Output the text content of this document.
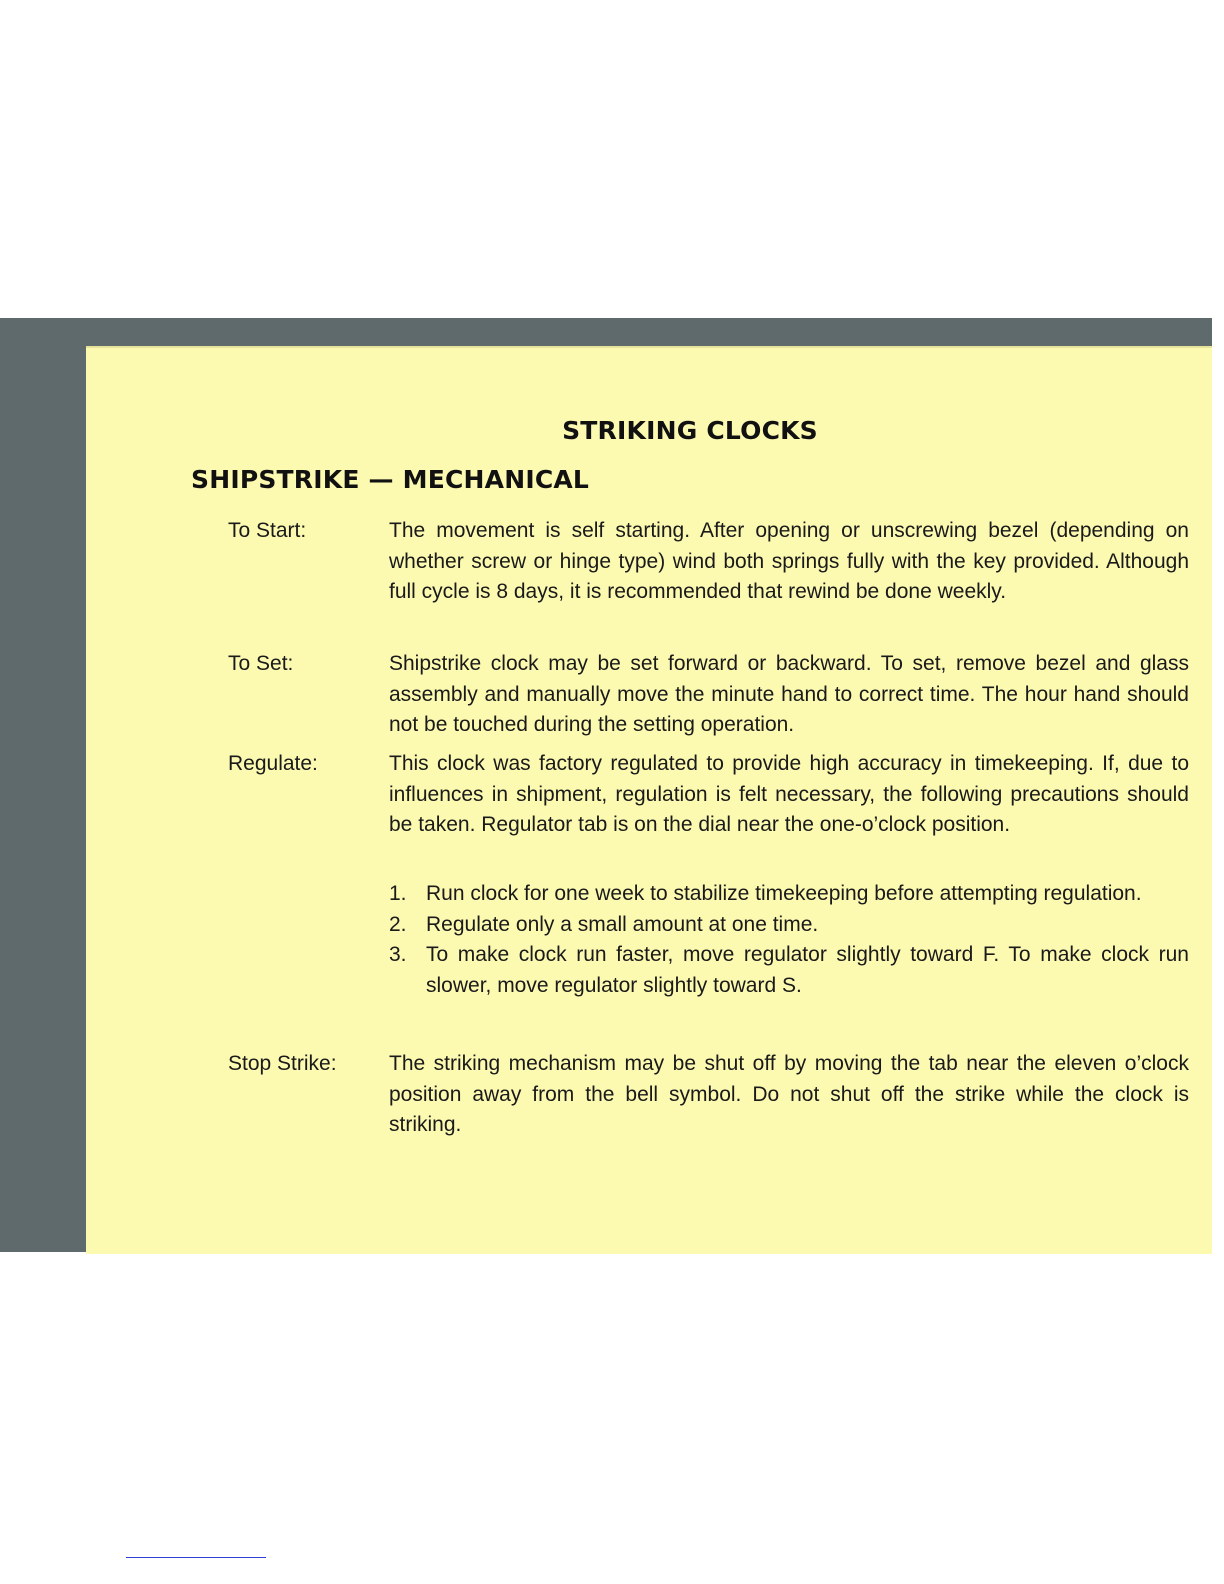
STRIKING CLOCKS
SHIPSTRIKE — MECHANICAL
To Start:	The movement is self starting. After opening or unscrewing bezel (depending on whether screw or hinge type) wind both springs fully with the key provided. Although full cycle is 8 days, it is recommended that rewind be done weekly.

To Set:	Shipstrike clock may be set forward or backward. To set, remove bezel and glass assembly and manually move the minute hand to correct time. The hour hand should not be touched during the setting operation.

Regulate:	This clock was factory regulated to provide high accuracy in timekeeping. If, due to influences in shipment, regulation is felt necessary, the following precautions should be taken. Regulator tab is on the dial near the one-o’clock position.

1. Run clock for one week to stabilize timekeeping before attempting regulation.
2. Regulate only a small amount at one time.
3. To make clock run faster, move regulator slightly toward F. To make clock run slower, move regulator slightly toward S.
Stop Strike: The striking mechanism may be shut off by moving the tab near the eleven o’clock position away from the bell symbol. Do not shut off the strike while the clock is striking.
